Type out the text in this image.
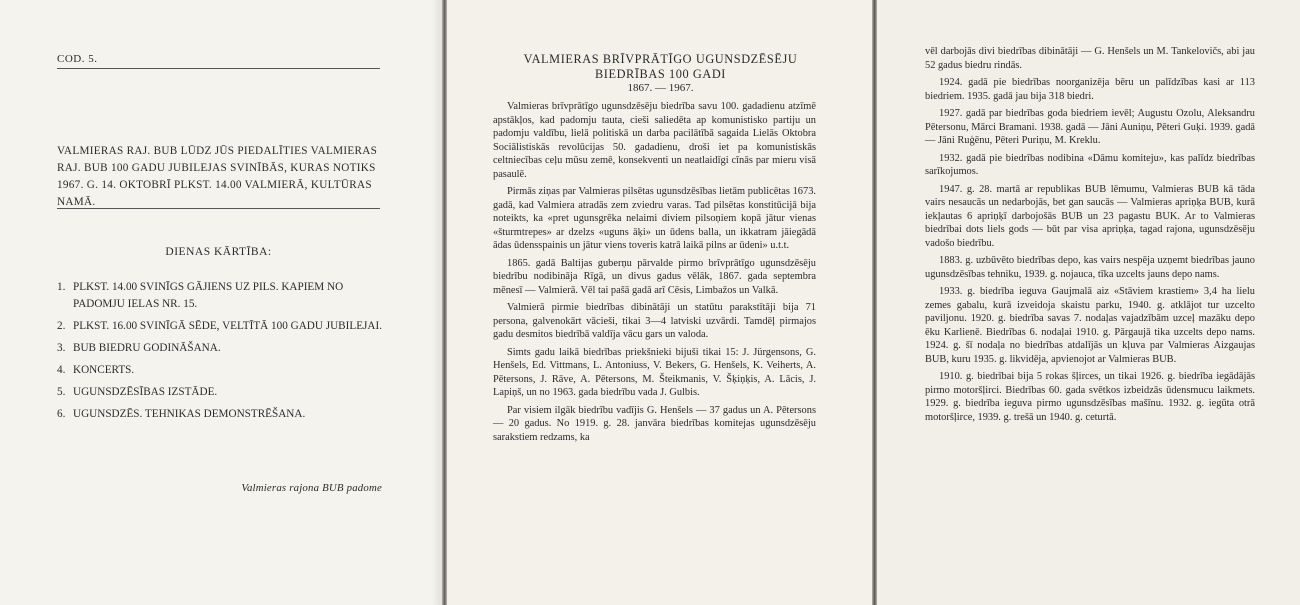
COD. 5.
VALMIERAS RAJ. BUB LŪDZ JŪS PIEDALĪTIES VALMIERAS RAJ. BUB 100 GADU JUBILEJAS SVINĪBĀS, KURAS NOTIKS 1967. G. 14. OKTOBRĪ PLKST. 14.00 VALMIERĀ, KULTŪRAS NAMĀ.
DIENAS KĀRTĪBA:
1. PLKST. 14.00 SVINĪGS GĀJIENS UZ PILS. KAPIEM NO PADOMJU IELAS NR. 15.
2. PLKST. 16.00 SVINĪGĀ SĒDE, VELTĪTĀ 100 GADU JUBILEJAI.
3. BUB BIEDRU GODINĀŠANA.
4. KONCERTS.
5. UGUNSDZĒSĪBAS IZSTĀDE.
6. UGUNSDZĒS. TEHNIKAS DEMONSTRĒŠANA.
Valmieras rajona BUB padome
VALMIERAS BRĪVPRĀTĪGO UGUNSDZĒSĒJU
BIEDRĪBAS 100 GADI
1867. — 1967.

Valmieras brīvprātīgo ugunsdzēsēju biedrība savu 100. gadadienu atzīmē apstākļos, kad padomju tauta, cieši saliedēta ap komunistisko partiju un padomju valdību, lielā politiskā un darba pacilātībā sagaida Lielās Oktobra Sociālistiskās revolūcijas 50. gadadienu, droši iet pa komunistiskās celtniecības ceļu mūsu zemē, konsekventi un neatlaidīgi cīnās par mieru visā pasaulē.

Pirmās ziņas par Valmieras pilsētas ugunsdzēsības lietām publicētas 1673. gadā, kad Valmiera atradās zem zviedru varas. Tad pilsētas konstitūcijā bija noteikts, ka «pret ugunsgrēka nelaimi diviem pilsoņiem kopā jātur vienas «šturmtrepes» ar dzelzs «uguns āķi» un ūdens balla, un ikkatram jāiegādā ādas ūdensspainis un jātur viens toveris katrā laikā pilns ar ūdeni» u.t.t.

1865. gadā Baltijas guberņu pārvalde pirmo brīvprātīgo ugunsdzēsēju biedrību nodibināja Rīgā, un divus gadus vēlāk, 1867. gada septembra mēnesī — Valmierā. Vēl tai pašā gadā arī Cēsis, Limbažos un Valkā.

Valmierā pirmie biedrības dibinātāji un statūtu parakstītāji bija 71 persona, galvenokārt vācieši, tikai 3—4 latviski uzvārdi. Tamdēļ pirmajos gadu desmitos biedrībā valdīja vācu gars un valoda.

Simts gadu laikā biedrības priekšnieki bijuši tikai 15: J. Jürgensons, G. Henšels, Ed. Vittmans, L. Antoniuss, V. Bekers, G. Henšels, K. Veiherts, A. Pētersons, J. Rāve, A. Pētersons, M. Šteikmanis, V. Šķiņķis, A. Lācis, J. Lapiņš, un no 1963. gada biedrību vada J. Gulbis.

Par visiem ilgāk biedrību vadījis G. Henšels — 37 gadus un A. Pētersons — 20 gadus. No 1919. g. 28. janvāra biedrības komitejas ugunsdzēsēju sarakstiem redzams, ka

vēl darbojās divi biedrības dibinātāji — G. Henšels un M. Tankelovičs, abi jau 52 gadus biedru rindās.

1924. gadā pie biedrības noorganizēja bēru un palīdzības kasi ar 113 biedriem. 1935. gadā jau bija 318 biedri.

1927. gadā par biedrības goda biedriem ievēl; Augustu Ozolu, Aleksandru Pētersonu, Mārci Bramani. 1938. gadā — Jāni Auniņu, Pēteri Guķi. 1939. gadā — Jāni Ruģēnu, Pēteri Puriņu, M. Kreklu.

1932. gadā pie biedrības nodibina «Dāmu komiteju», kas palīdz biedrības sarīkojumos.

1947. g. 28. martā ar republikas BUB lēmumu, Valmieras BUB kā tāda vairs nesaucās un nedarbojās, bet gan saucās — Valmieras apriņķa BUB, kurā iekļautas 6 apriņķī darbojošās BUB un 23 pagastu BUK. Ar to Valmieras biedrībai dots liels gods — būt par visa apriņķa, tagad rajona, ugunsdzēsēju vadošo biedrību.

1883. g. uzbūvēto biedrības depo, kas vairs nespēja uzņemt biedrības jauno ugunsdzēsības tehniku, 1939. g. nojauca, tīka uzcelts jauns depo nams.

1933. g. biedrība ieguva Gaujmalā aiz «Stāviem krastiem» 3,4 ha lielu zemes gabalu, kurā izveidoja skaistu parku, 1940. g. atklājot tur uzcelto paviljonu. 1920. g. biedrība savas 7. nodaļas vajadzībām uzceļ mazāku depo ēku Karlienē. Biedrības 6. nodaļai 1910. g. Pārgaujā tika uzcelts depo nams. 1924. g. šī nodaļa no biedrības atdalījās un kļuva par Valmieras Aizgaujas BUB, kuru 1935. g. likvidēja, apvienojot ar Valmieras BUB.

1910. g. biedrībai bija 5 rokas šļirces, un tikai 1926. g. biedrība iegādājās pirmo motoršļirci. Biedrības 60. gada svētkos izbeidzās ūdensmucu laikmets. 1929. g. biedrība ieguva pirmo ugunsdzēsības mašīnu. 1932. g. iegūta otrā motoršļirce, 1939. g. trešā un 1940. g. ceturtā.
